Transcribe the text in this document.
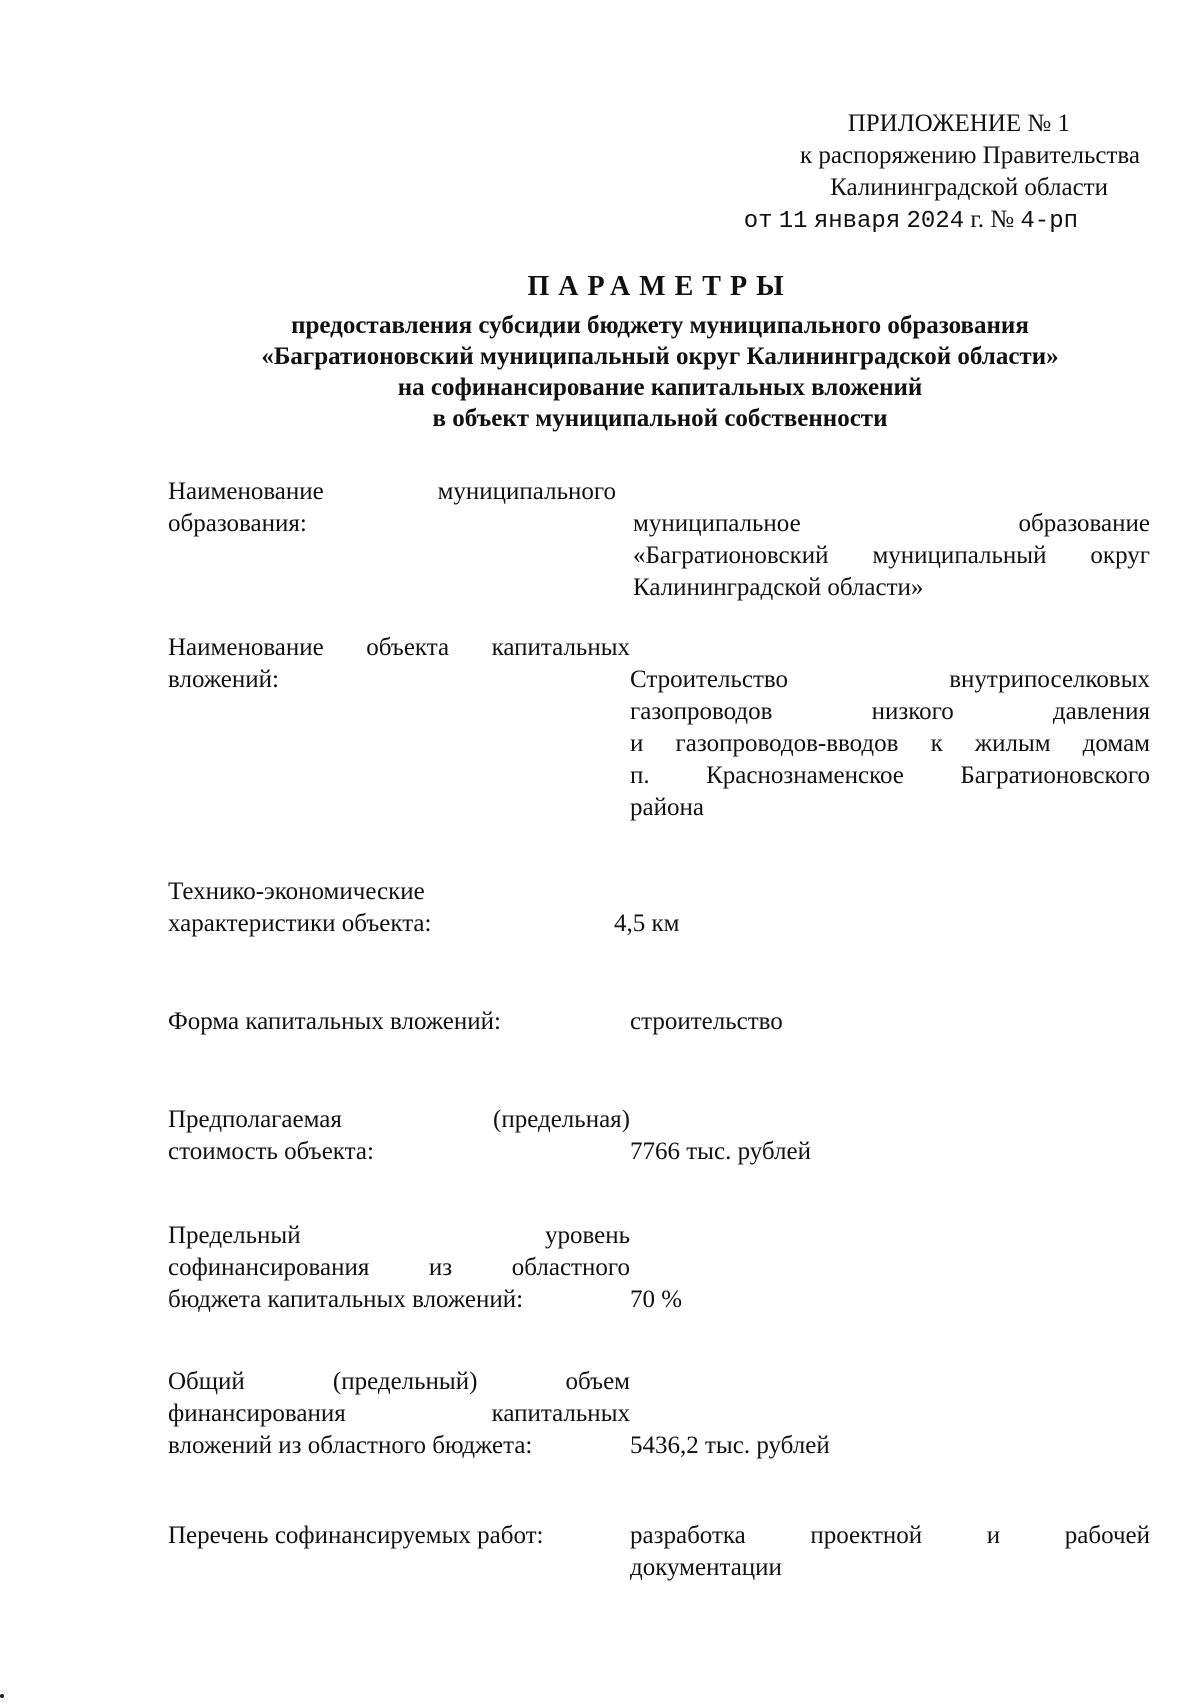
ПРИЛОЖЕНИЕ № 1
к распоряжению Правительства
Калининградской области
от 11 января 2024 г. № 4-рп
ПАРАМЕТРЫ
предоставления субсидии бюджету муниципального образования
«Багратионовский муниципальный округ Калининградской области»
на софинансирование капитальных вложений
в объект муниципальной собственности
Наименование муниципального
образования:	муниципальное образование
«Багратионовский муниципальный округ
Калининградской области»
Наименование объекта капитальных
вложений:	Строительство внутрипоселковых
газопроводов низкого давления
и газопроводов-вводов к жилым домам
п. Краснознаменское Багратионовского
района
Технико-экономические
характеристики объекта:	4,5 км
Форма капитальных вложений:	строительство
Предполагаемая (предельная)
стоимость объекта:	7766 тыс. рублей
Предельный уровень
софинансирования из областного
бюджета капитальных вложений:	70 %
Общий (предельный) объем
финансирования капитальных
вложений из областного бюджета:	5436,2 тыс. рублей
Перечень софинансируемых работ:	разработка проектной и рабочей
документации
